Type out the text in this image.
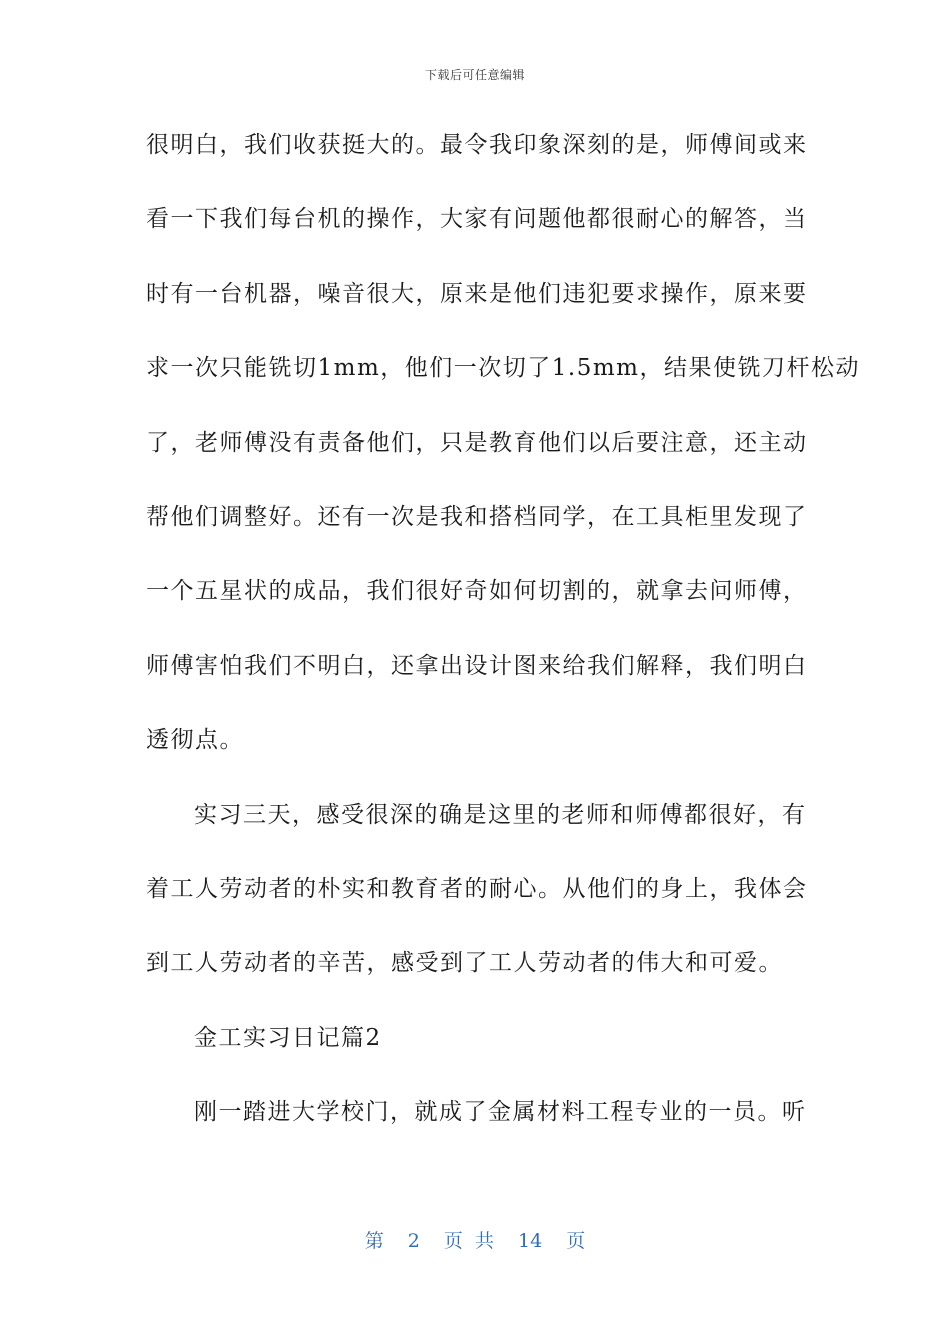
下载后可任意编辑
很明白，我们收获挺大的。最令我印象深刻的是，师傅间或来
看一下我们每台机的操作，大家有问题他都很耐心的解答，当
时有一台机器，噪音很大，原来是他们违犯要求操作，原来要
求一次只能铣切1mm，他们一次切了1.5mm，结果使铣刀杆松动
了，老师傅没有责备他们，只是教育他们以后要注意，还主动
帮他们调整好。还有一次是我和搭档同学，在工具柜里发现了
一个五星状的成品，我们很好奇如何切割的，就拿去问师傅，
师傅害怕我们不明白，还拿出设计图来给我们解释，我们明白
透彻点。
实习三天，感受很深的确是这里的老师和师傅都很好，有
着工人劳动者的朴实和教育者的耐心。从他们的身上，我体会
到工人劳动者的辛苦，感受到了工人劳动者的伟大和可爱。
金工实习日记篇2
刚一踏进大学校门，就成了金属材料工程专业的一员。听
第 2 页 共 14 页
